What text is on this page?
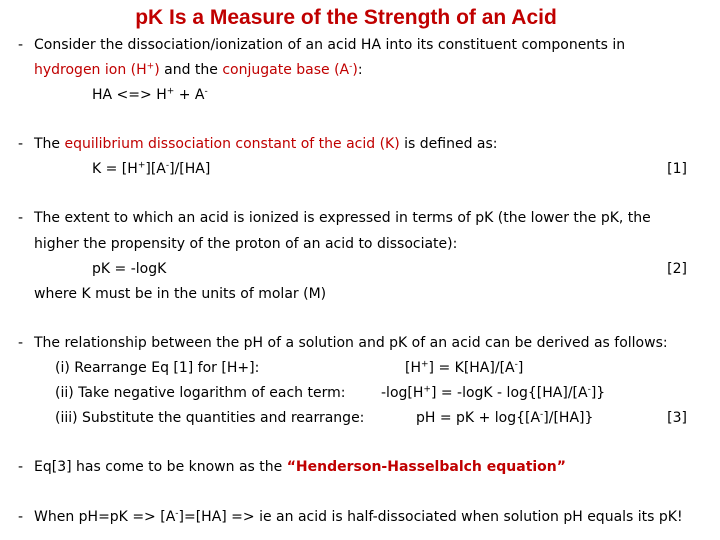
pK Is a Measure of the Strength of an Acid
- Consider the dissociation/ionization of an acid HA into its constituent components in
hydrogen ion (H+) and the conjugate base (A-):
HA <=> H+ + A-
- The equilibrium dissociation constant of the acid (K) is defined as:
K = [H+][A-]/[HA]	[1]
- The extent to which an acid is ionized is expressed in terms of pK (the lower the pK, the
higher the propensity of the proton of an acid to dissociate):
pK = -logK	[2]
where K must be in the units of molar (M)
- The relationship between the pH of a solution and pK of an acid can be derived as follows:
(i) Rearrange Eq [1] for [H+]:	[H+] = K[HA]/[A-]
(ii) Take negative logarithm of each term:	-log[H+] = -logK - log{[HA]/[A-]}
(iii) Substitute the quantities and rearrange:	pH = pK + log{[A-]/[HA]}	[3]
- Eq[3] has come to be known as the “Henderson-Hasselbalch equation”
- When pH=pK => [A-]=[HA] => ie an acid is half-dissociated when solution pH equals its pK!
